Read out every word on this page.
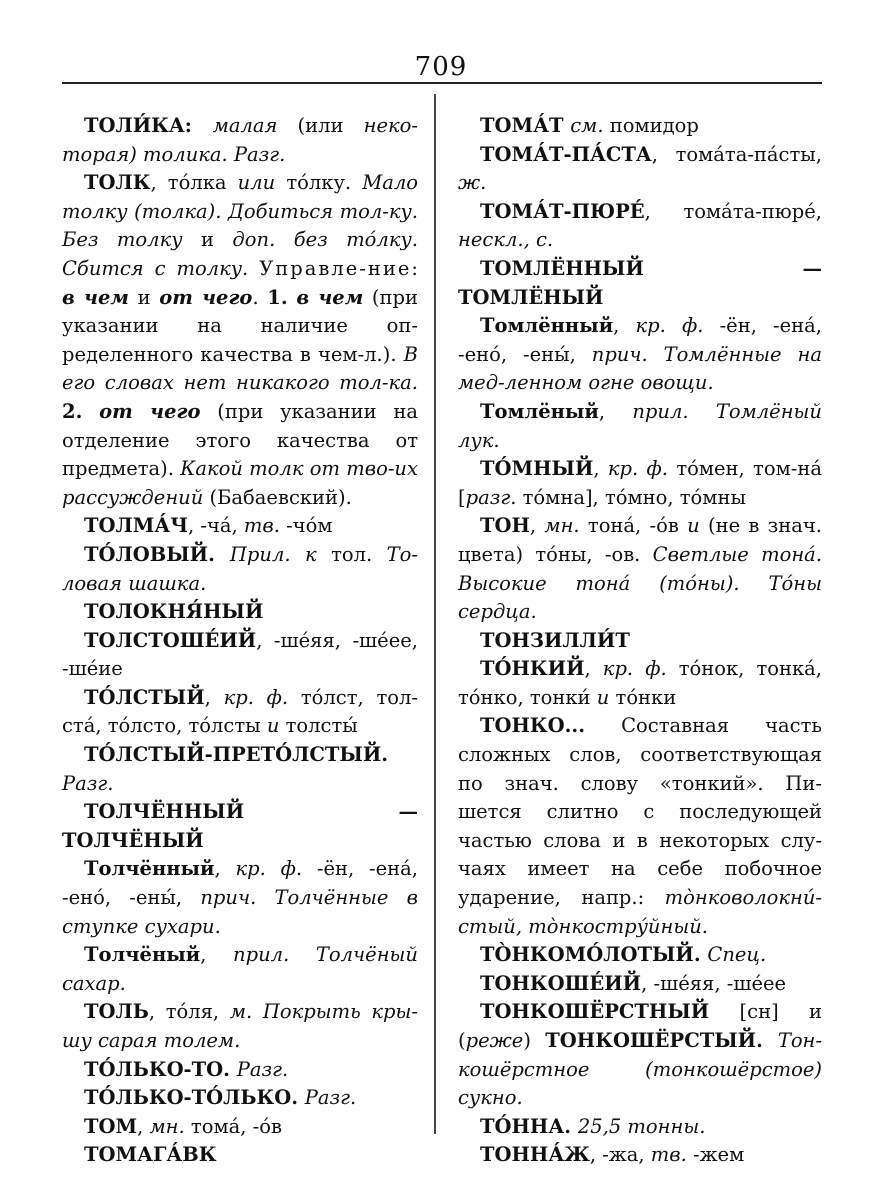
709

ТОЛИ́КА: малая (или неко-торая) толика. Разг.

ТОЛК, то́лка или то́лку. Мало толку (толка). Добиться тол-ку. Без толку и доп. без то́лку. Сбится с толку. Управле-ние: в чем и от чего. 1. в чем (при указании на наличие оп-ределенного качества в чем-л.). В его словах нет никакого тол-ка. 2. от чего (при указании на отделение этого качества от предмета). Какой толк от тво-их рассуждений (Бабаевский).

ТОЛМА́Ч, -ча́, тв. -чо́м

ТО́ЛОВЫЙ. Прил. к тол. То-ловая шашка.

ТОЛОКНЯ́НЫЙ

ТОЛСТОШЕ́ИЙ, -ше́яя, -ше́ее, -ше́ие

ТО́ЛСТЫЙ, кр. ф. то́лст, тол-ста́, то́лсто, то́лсты и толсты́

ТО́ЛСТЫЙ-ПРЕТО́ЛСТЫЙ. Разг.

ТОЛЧЁННЫЙ — ТОЛЧЁНЫЙ

Толчённый, кр. ф. -ён, -ена́, -ено́, -ены́, прич. Толчённые в ступке сухари.

Толчёный, прил. Толчёный сахар.

ТОЛЬ, то́ля, м. Покрыть кры-шу сарая толем.

ТО́ЛЬКО-ТО. Разг.

ТО́ЛЬКО-ТО́ЛЬКО. Разг.

ТОМ, мн. тома́, -о́в

ТОМАГА́ВК

ТОМА́Т см. помидор

ТОМА́Т-ПА́СТА, тома́та-па́сты, ж.

ТОМА́Т-ПЮРЕ́, тома́та-пюре́, нескл., с.

ТОМЛЁННЫЙ — ТОМЛЁНЫЙ

Томлённый, кр. ф. -ён, -ена́, -ено́, -ены́, прич. Томлённые на мед-ленном огне овощи.

Томлёный, прил. Томлёный лук.

ТО́МНЫЙ, кр. ф. то́мен, том-на́ [разг. то́мна], то́мно, то́мны

ТОН, мн. тона́, -о́в и (не в знач. цвета) то́ны, -ов. Светлые тона́. Высокие тона́ (то́ны). То́ны сердца.

ТОНЗИЛЛИ́Т

ТО́НКИЙ, кр. ф. то́нок, тонка́, то́нко, тонки́ и то́нки

ТОНКО... Составная часть сложных слов, соответствующая по знач. слову «тонкий». Пи-шется слитно с последующей частью слова и в некоторых слу-чаях имеет на себе побочное ударение, напр.: то̀нковолокни́-стый, то̀нкостру́йный.

ТО̀НКОМО́ЛОТЫЙ. Спец.

ТОНКОШЕ́ИЙ, -ше́яя, -ше́ее

ТОНКОШЁРСТНЫЙ [сн] и (реже) ТОНКОШЁРСТЫЙ. Тон-кошёрстное (тонкошёрстое) сукно.

ТО́ННА. 25,5 тонны.

ТОННА́Ж, -жа, тв. -жем
